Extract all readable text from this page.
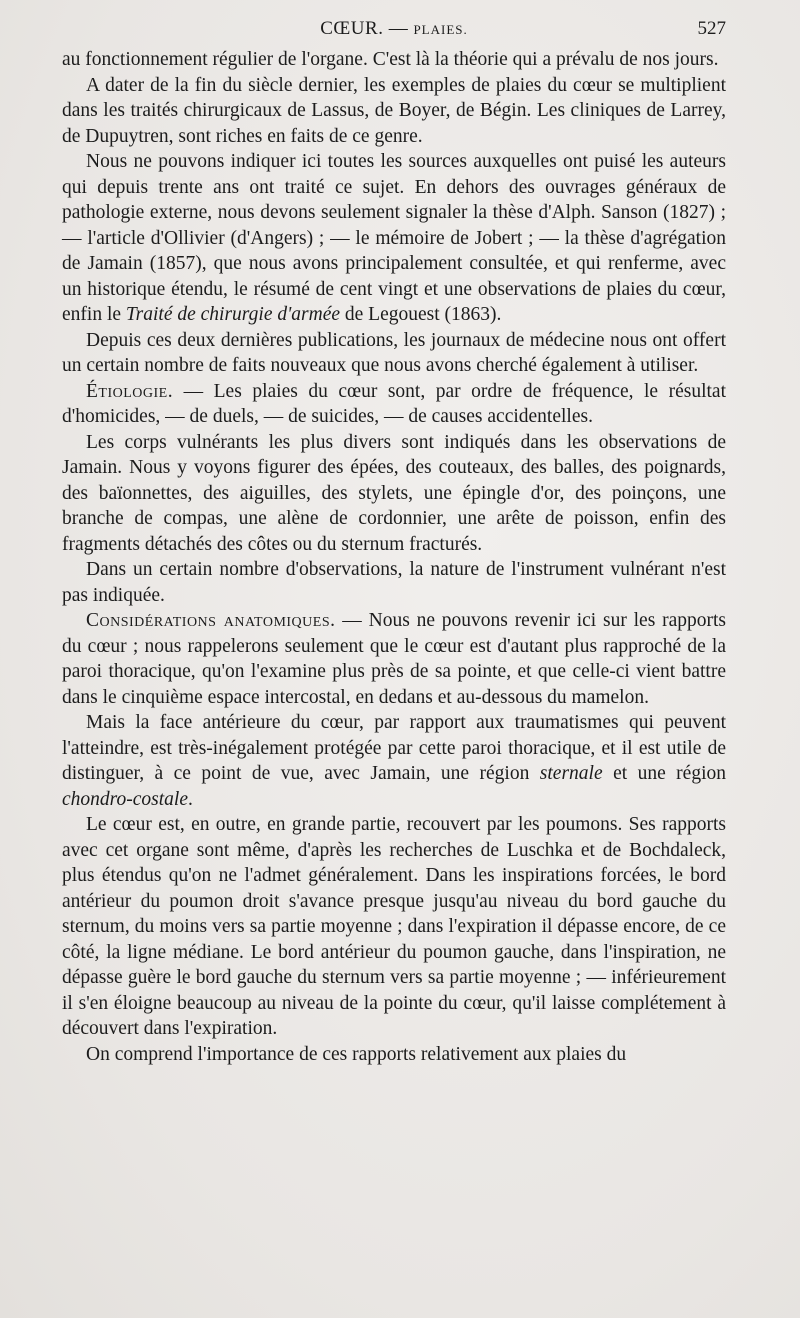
CŒUR. — PLAIES.	527

au fonctionnement régulier de l'organe. C'est là la théorie qui a prévalu de nos jours.

A dater de la fin du siècle dernier, les exemples de plaies du cœur se multiplient dans les traités chirurgicaux de Lassus, de Boyer, de Bégin. Les cliniques de Larrey, de Dupuytren, sont riches en faits de ce genre.

Nous ne pouvons indiquer ici toutes les sources auxquelles ont puisé les auteurs qui depuis trente ans ont traité ce sujet. En dehors des ouvrages généraux de pathologie externe, nous devons seulement signaler la thèse d'Alph. Sanson (1827) ; — l'article d'Ollivier (d'Angers) ; — le mémoire de Jobert ; — la thèse d'agrégation de Jamain (1857), que nous avons principalement consultée, et qui renferme, avec un historique étendu, le résumé de cent vingt et une observations de plaies du cœur, enfin le Traité de chirurgie d'armée de Legouest (1863).

Depuis ces deux dernières publications, les journaux de médecine nous ont offert un certain nombre de faits nouveaux que nous avons cherché également à utiliser.

Étiologie. — Les plaies du cœur sont, par ordre de fréquence, le résultat d'homicides, — de duels, — de suicides, — de causes accidentelles.

Les corps vulnérants les plus divers sont indiqués dans les observations de Jamain. Nous y voyons figurer des épées, des couteaux, des balles, des poignards, des baïonnettes, des aiguilles, des stylets, une épingle d'or, des poinçons, une branche de compas, une alène de cordonnier, une arête de poisson, enfin des fragments détachés des côtes ou du sternum fracturés.

Dans un certain nombre d'observations, la nature de l'instrument vulnérant n'est pas indiquée.

Considérations anatomiques. — Nous ne pouvons revenir ici sur les rapports du cœur ; nous rappelerons seulement que le cœur est d'autant plus rapproché de la paroi thoracique, qu'on l'examine plus près de sa pointe, et que celle-ci vient battre dans le cinquième espace intercostal, en dedans et au-dessous du mamelon.

Mais la face antérieure du cœur, par rapport aux traumatismes qui peuvent l'atteindre, est très-inégalement protégée par cette paroi thoracique, et il est utile de distinguer, à ce point de vue, avec Jamain, une région sternale et une région chondro-costale.

Le cœur est, en outre, en grande partie, recouvert par les poumons. Ses rapports avec cet organe sont même, d'après les recherches de Luschka et de Bochdaleck, plus étendus qu'on ne l'admet généralement. Dans les inspirations forcées, le bord antérieur du poumon droit s'avance presque jusqu'au niveau du bord gauche du sternum, du moins vers sa partie moyenne ; dans l'expiration il dépasse encore, de ce côté, la ligne médiane. Le bord antérieur du poumon gauche, dans l'inspiration, ne dépasse guère le bord gauche du sternum vers sa partie moyenne ; — inférieurement il s'en éloigne beaucoup au niveau de la pointe du cœur, qu'il laisse complétement à découvert dans l'expiration.

On comprend l'importance de ces rapports relativement aux plaies du
